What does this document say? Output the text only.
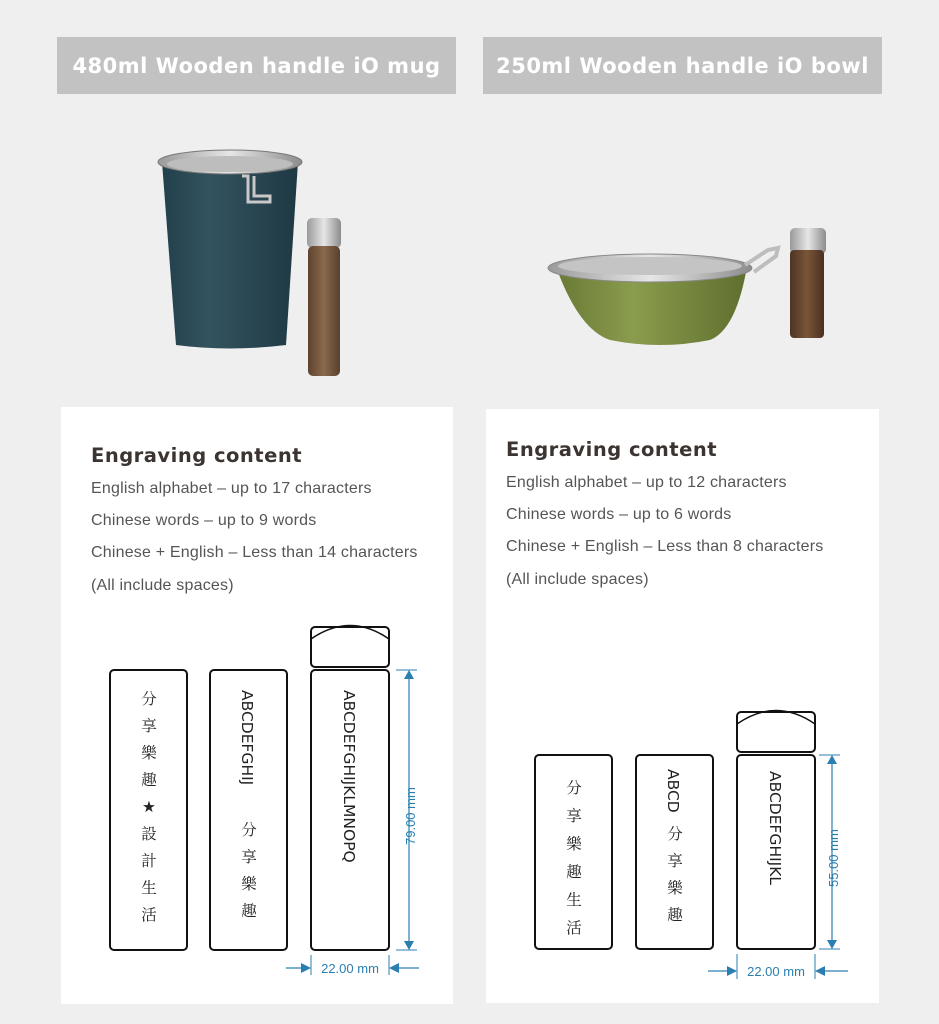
480ml Wooden handle iO mug	250ml Wooden handle iO bowl
Engraving content
English alphabet – up to 17 characters
Chinese words – up to 9 words
Chinese + English – Less than 14 characters
(All include spaces)
分
享
樂
趣
★
設
計
生
活
ABCDEFGHIJ
分
享
樂
趣
ABCDEFGHIJKLMNOPQ	79.00 mm
22.00 mm
Engraving content
English alphabet – up to 12 characters
Chinese words – up to 6 words
Chinese + English – Less than 8 characters
(All include spaces)
分
享
樂
趣
生
活
ABCD
分
享
樂
趣
ABCDEFGHIJKL	55.00 mm
22.00 mm
